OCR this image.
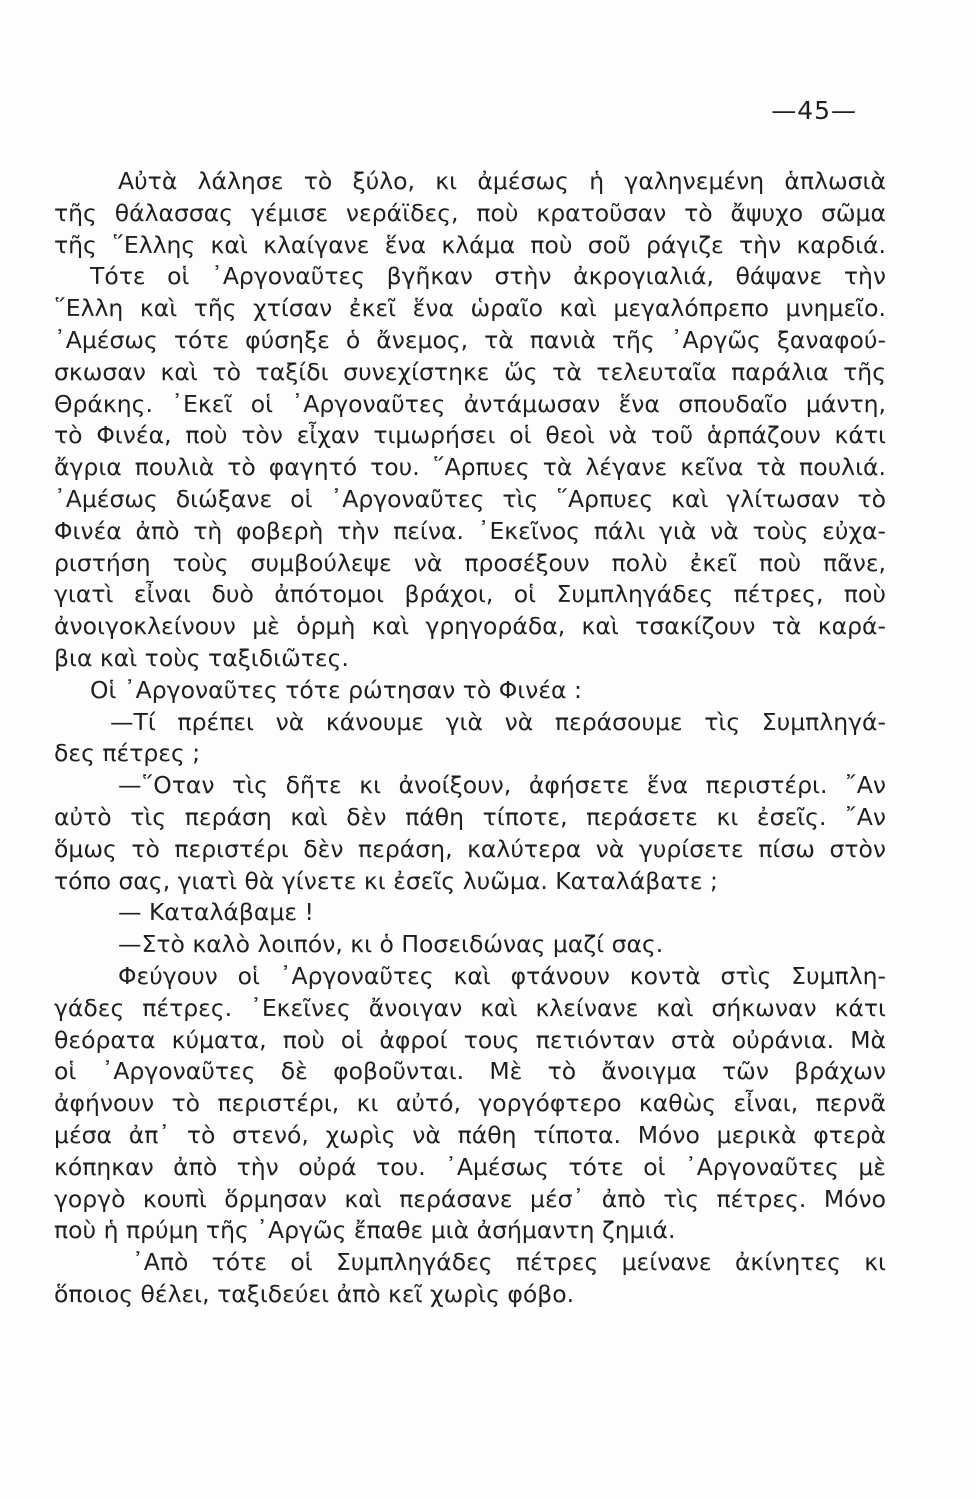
—45—
Αὐτὰ λάλησε τὸ ξύλο, κι ἀμέσως ἡ γαληνεμένη ἁπλωσιὰ
τῆς θάλασσας γέμισε νεράϊδες, ποὺ κρατοῦσαν τὸ ἄψυχο σῶμα
τῆς ῞Ελλης καὶ κλαίγανε ἕνα κλάμα ποὺ σοῦ ράγιζε τὴν καρδιά.
Τότε οἱ ᾽Αργοναῦτες βγῆκαν στὴν ἀκρογιαλιά, θάψανε τὴν
῞Ελλη καὶ τῆς χτίσαν ἐκεῖ ἕνα ὡραῖο καὶ μεγαλόπρεπο μνημεῖο.
᾽Αμέσως τότε φύσηξε ὁ ἄνεμος, τὰ πανιὰ τῆς ᾽Αργῶς ξαναφού-
σκωσαν καὶ τὸ ταξίδι συνεχίστηκε ὥς τὰ τελευταῖα παράλια τῆς
Θράκης. ᾽Εκεῖ οἱ ᾽Αργοναῦτες ἀντάμωσαν ἕνα σπουδαῖο μάντη,
τὸ Φινέα, ποὺ τὸν εἶχαν τιμωρήσει οἱ θεοὶ νὰ τοῦ ἁρπάζουν κάτι
ἄγρια πουλιὰ τὸ φαγητό του. ῞Αρπυες τὰ λέγανε κεῖνα τὰ πουλιά.
᾽Αμέσως διώξανε οἱ ᾽Αργοναῦτες τὶς ῞Αρπυες καὶ γλίτωσαν τὸ
Φινέα ἀπὸ τὴ φοβερὴ τὴν πείνα. ᾽Εκεῖνος πάλι γιὰ νὰ τοὺς εὐχα-
ριστήση τοὺς συμβούλεψε νὰ προσέξουν πολὺ ἐκεῖ ποὺ πᾶνε,
γιατὶ εἶναι δυὸ ἀπότομοι βράχοι, οἱ Συμπληγάδες πέτρες, ποὺ
ἀνοιγοκλείνουν μὲ ὁρμὴ καὶ γρηγοράδα, καὶ τσακίζουν τὰ καρά-
βια καὶ τοὺς ταξιδιῶτες.
Οἱ ᾽Αργοναῦτες τότε ρώτησαν τὸ Φινέα :
—Τί πρέπει νὰ κάνουμε γιὰ νὰ περάσουμε τὶς Συμπληγά-
δες πέτρες ;
—῞Οταν τὶς δῆτε κι ἀνοίξουν, ἀφήσετε ἕνα περιστέρι. ῎Αν
αὐτὸ τὶς περάση καὶ δὲν πάθη τίποτε, περάσετε κι ἐσεῖς. ῎Αν
ὅμως τὸ περιστέρι δὲν περάση, καλύτερα νὰ γυρίσετε πίσω στὸν
τόπο σας, γιατὶ θὰ γίνετε κι ἐσεῖς λυῶμα. Καταλάβατε ;
— Καταλάβαμε !
—Στὸ καλὸ λοιπόν, κι ὁ Ποσειδώνας μαζί σας.
Φεύγουν οἱ ᾽Αργοναῦτες καὶ φτάνουν κοντὰ στὶς Συμπλη-
γάδες πέτρες. ᾽Εκεῖνες ἄνοιγαν καὶ κλείνανε καὶ σήκωναν κάτι
θεόρατα κύματα, ποὺ οἱ ἀφροί τους πετιόνταν στὰ οὐράνια. Μὰ
οἱ ᾽Αργοναῦτες δὲ φοβοῦνται. Μὲ τὸ ἄνοιγμα τῶν βράχων
ἀφήνουν τὸ περιστέρι, κι αὐτό, γοργόφτερο καθὼς εἶναι, περνᾶ
μέσα ἀπ᾽ τὸ στενό, χωρὶς νὰ πάθη τίποτα. Μόνο μερικὰ φτερὰ
κόπηκαν ἀπὸ τὴν οὐρά του. ᾽Αμέσως τότε οἱ ᾽Αργοναῦτες μὲ
γοργὸ κουπὶ ὅρμησαν καὶ περάσανε μέσ᾽ ἀπὸ τὶς πέτρες. Μόνο
ποὺ ἡ πρύμη τῆς ᾽Αργῶς ἔπαθε μιὰ ἀσήμαντη ζημιά.
᾽Απὸ τότε οἱ Συμπληγάδες πέτρες μείνανε ἀκίνητες κι
ὅποιος θέλει, ταξιδεύει ἀπὸ κεῖ χωρὶς φόβο.
